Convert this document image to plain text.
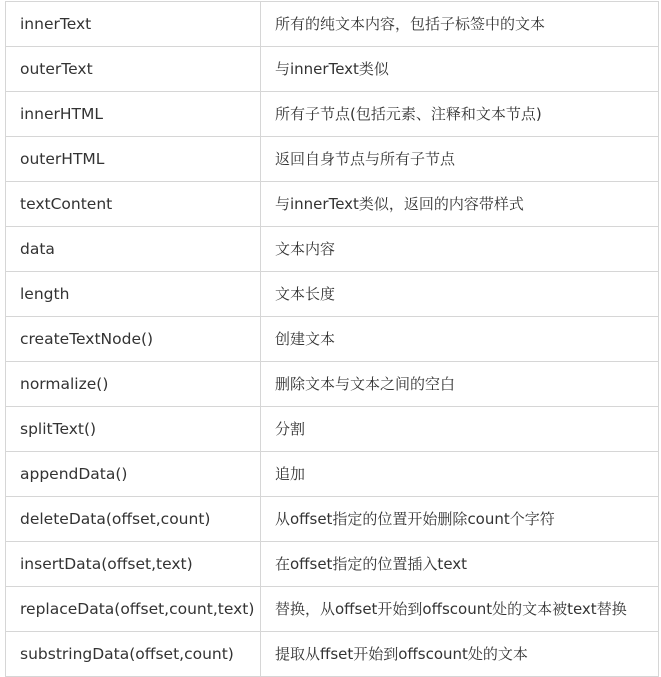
innerText	所有的纯文本内容，包括子标签中的文本
outerText	与innerText类似
innerHTML	所有子节点(包括元素、注释和文本节点)
outerHTML	返回自身节点与所有子节点
textContent	与innerText类似，返回的内容带样式
data	文本内容
length	文本长度
createTextNode()	创建文本
normalize()	删除文本与文本之间的空白
splitText()	分割
appendData()	追加
deleteData(offset,count)	从offset指定的位置开始删除count个字符
insertData(offset,text)	在offset指定的位置插入text
replaceData(offset,count,text)	替换，从offset开始到offscount处的文本被text替换
substringData(offset,count)	提取从ffset开始到offscount处的文本
